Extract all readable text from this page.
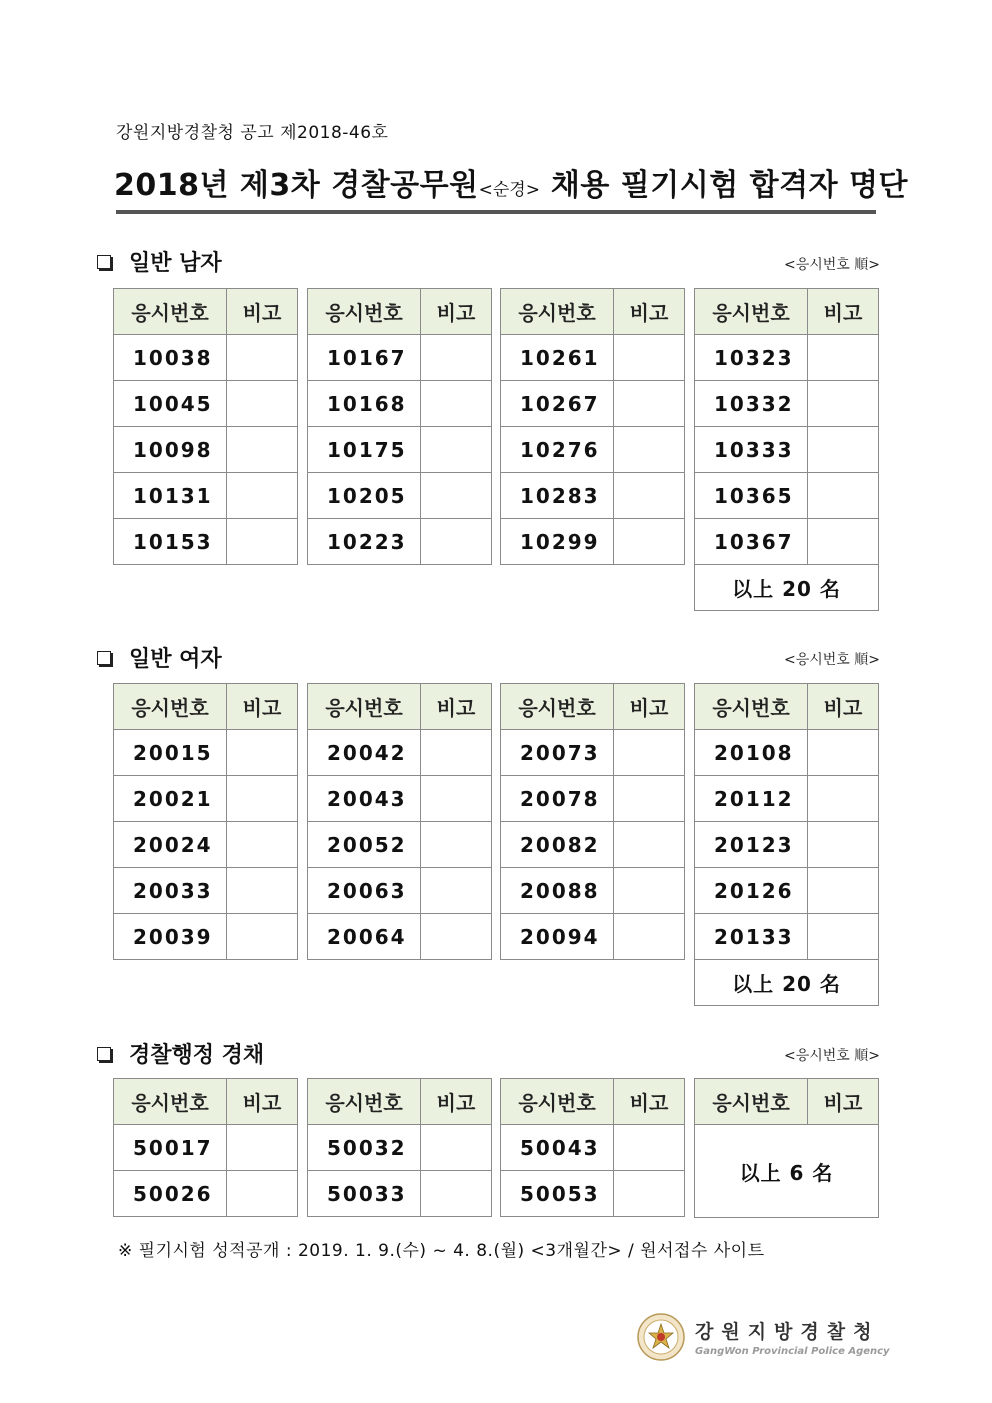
강원지방경찰청 공고 제2018-46호
2018년 제3차 경찰공무원<순경> 채용 필기시험 합격자 명단
일반 남자	<응시번호 順>
응시번호	비고
10038	
10045	
10098	
10131	
10153	
응시번호	비고
10167	
10168	
10175	
10205	
10223	
응시번호	비고
10261	
10267	
10276	
10283	
10299	
응시번호	비고
10323	
10332	
10333	
10365	
10367	
以上 20 名	
일반 여자	<응시번호 順>
응시번호	비고
20015	
20021	
20024	
20033	
20039	
응시번호	비고
20042	
20043	
20052	
20063	
20064	
응시번호	비고
20073	
20078	
20082	
20088	
20094	
응시번호	비고
20108	
20112	
20123	
20126	
20133	
以上 20 名	
경찰행정 경채	<응시번호 順>
응시번호	비고
50017	
50026	
응시번호	비고
50032	
50033	
응시번호	비고
50043	
50053	
응시번호	비고
以上 6 名
※ 필기시험 성적공개 : 2019. 1. 9.(수) ~ 4. 8.(월) <3개월간> / 원서접수 사이트
강원지방경찰청
GangWon Provincial Police Agency
